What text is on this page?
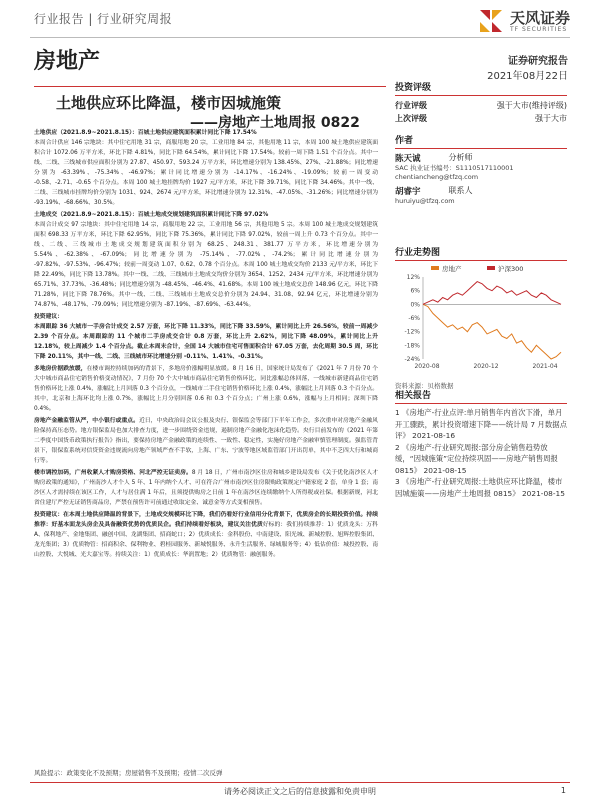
行业报告 | 行业研究周报	天风证券
TF SECURITIES
房地产	证券研究报告
2021年08月22日
土地供应环比降温，楼市因城施策
——房地产土地周报 0822

土地供应（2021.8.9~2021.8.15）：百城土地供应建筑面积累计同比下降 17.54%
本周合计供应 146 宗地块：其中住宅用地 31 宗，商服用地 20 宗，工业用地 84 宗，其他用地 11 宗，本周 100 城土地供应建筑面积合计 1072.06 万平方米，环比下降 4.81%，同比下降 64.54%，累计同比下降 17.54%。较前一周下降 1.51 个百分点。其中一线、二线、三线城市供应面积分别为 27.87、450.97、593.24 万平方米，环比增速分别为 138.45%、27%、-21.88%；同比增速分别为 -63.39%、-75.34%、-46.97%；累计同比增速分别为 -14.17%、-16.24%、-19.09%；较前一周变动 -0.58、-2.71、-0.65 个百分点。本周 100 城土地挂牌均价 1927 元/平方米，环比下降 39.71%，同比下降 34.46%。其中一线、二线、三线城市挂牌均价分别为 1031、924、2674 元/平方米，环比增速分别为 12.31%、-47.05%、-31.26%；同比增速分别为 -93.19%、-68.66%、30.5%。

土地成交（2021.8.9~2021.8.15）：百城土地成交规划建筑面积累计同比下降 97.02%
本周合计成交 97 宗地块：其中住宅用地 14 宗，商服用地 22 宗，工业用地 56 宗，其他用地 5 宗。本周 100 城土地成交规划建筑面积 698.33 万平方米，环比下降 62.95%，同比下降 75.36%，累计同比下降 97.02%，较前一周上升 0.73 个百分点。其中一线、二线、三线城市土地成交规划建筑面积分别为 68.25、248.31、381.77 万平方米，环比增速分别为 5.54%、-62.38%、-67.09%；同比增速分别为 -75.14%、-77.02%、-74.2%；累计同比增速分别为 -97.82%、-97.53%、-96.47%；较前一周变动 1.07、0.62、0.78 个百分点。本周 100 城土地成交均价 2133 元/平方米，环比下降 22.49%，同比下降 13.78%。其中一线、二线、三线城市土地成交均价分别为 3654、1252、2434 元/平方米，环比增速分别为 65.71%、37.73%、-36.48%；同比增速分别为 -48.45%、-46.4%、41.68%。本周 100 城土地成交总价 148.96 亿元，环比下降 71.28%，同比下降 78.76%。其中一线、二线、三线城市土地成交总价分别为 24.94、31.08、92.94 亿元，环比增速分别为 74.87%、-48.17%、-79.09%；同比增速分别为 -87.19%、-87.69%、-63.44%。

投资建议：
本周跟踪 36 大城市一手房合计成交 2.57 万套，环比下降 11.33%，同比下降 33.59%，累计同比上升 26.56%，较前一周减少 2.39 个百分点。本周跟踪的 11 个城市二手房成交合计 0.8 万套，环比上升 2.62%，同比下降 48.09%，累计同比上升 12.18%，较上周减少 1.4 个百分点。截止本周末合计，全国 14 大城市住宅可售面积合计 67.05 万套，去化周期 30.5 周，环比下降 20.11%，其中一线、二线、三线城市环比增速分别 -0.11%、1.41%、-0.31%。

多地房价据跌放缓，在楼市调控持续加码的背景下，多地房价涨幅明显放缓。8 月 16 日，国家统计局发布了《2021 年 7 月份 70 个大中城市商品住宅销售价格变动情况》，7 月份 70 个大中城市商品住宅销售价格环比、同比涨幅总体回落，一线城市新建商品住宅销售价格环比上涨 0.4%，涨幅比上月回落 0.3 个百分点，一线城市二手住宅销售价格环比上涨 0.4%，涨幅比上月回落 0.3 个百分点。其中，北京和上海环比均上涨 0.7%，涨幅比上月分别回落 0.6 和 0.3 个百分点；广州上涨 0.6%，涨幅与上月相同；深圳下降 0.4%。

房地产金融监管从严，中小银行或重点。近日，中央政治局会议公报及央行、银保监会等部门下半年工作会，多次重申对房地产金融风险保持高压态势。地方银保监局也加大排查力度，进一步围绕资金违规，遏制房地产金融化泡沫化趋势。央行目前发布的《2021 年第二季度中国货币政策执行报告》指出，要保持房地产金融政策的连续性、一致性、稳定性，实施好房地产金融审慎管理制度。强监管背景下，银保监系统对信贷资金违规流向房地产领域严查不手软，上海、广东、宁波等地区域监管部门开出罚单，其中不乏四大行和城商行等。

楼市调控加码，广州收紧人才购房资格、河北严控无证卖房。8 月 18 日，广州市南沙区住房和城乡建设局发布《关于优化南沙区人才购房政策的通知》，广州南沙人才个人 5 年、1 年内纳个人才、可在符合广州市南沙区住房限购政策规定户籍家庭 2 套，单身 1 套；南沙区人才需持续在该区工作，人才与居住满 1 年后，且须提供购房之日前 1 年在南沙区连续缴纳个人所得税或社保。根据新规，河北省住建厅严控无证销售商品房，严禁在预售许可前通过收取定金、诚意金等方式变相预售。

投资建议：在本周土地供应降温的背景下，土地成交规模环比下降，我们仍看好行业信用分化背景下，优质房企的长期投资价值。持续推荐：好基本面龙头房企及具备融资优势的优质民企。我们持续看好板块，建议关注优质好标的：我们持续推荐：1）优质龙头：万科 A、保利地产、金地集团、融创中国、龙湖集团、招商蛇口；2）优质成长：金科股份、中南建设、阳光城、新城控股、旭辉控股集团、龙光集团；3）优质物管：招商积余、保利物业、碧桂园服务、新城悦服务、永升生活服务、绿城服务等；4）低估价值：城投控股、南山控股、大悦城、光大嘉宝等。持续关注：1）优质成长：华润置地；2）优质物管：融创服务。

风险提示：政策变化不及预期；房屋销售不及预期；疫情二次反弹
投资评级
行业评级	强于大市(维持评级)
上次评级	强于大市
作者
陈天诚	分析师
SAC 执业证书编号：S1110517110001
chentiancheng@tfzq.com
胡睿宇	联系人
huruiyu@tfzq.com
行业走势图
12%
6%
0%
-6%
-12%
-18%
-24%
2020-08	2020-12	2021-04
房地产	沪深300
资料来源：贝格数据
相关报告

1 《房地产-行业点评:单月销售年内首次下滑，单月开工骤跌，累计投资增速下降——统计局 7 月数据点评》 2021-08-16

2 《房地产-行业研究周报:部分房企销售趋势放缓，“因城施策”定位持续巩固——房地产销售周报 0815》 2021-08-15

3 《房地产-行业研究周报:土地供应环比降温，楼市因城施策——房地产土地周报 0815》 2021-08-15

请务必阅读正文之后的信息披露和免责申明	1
